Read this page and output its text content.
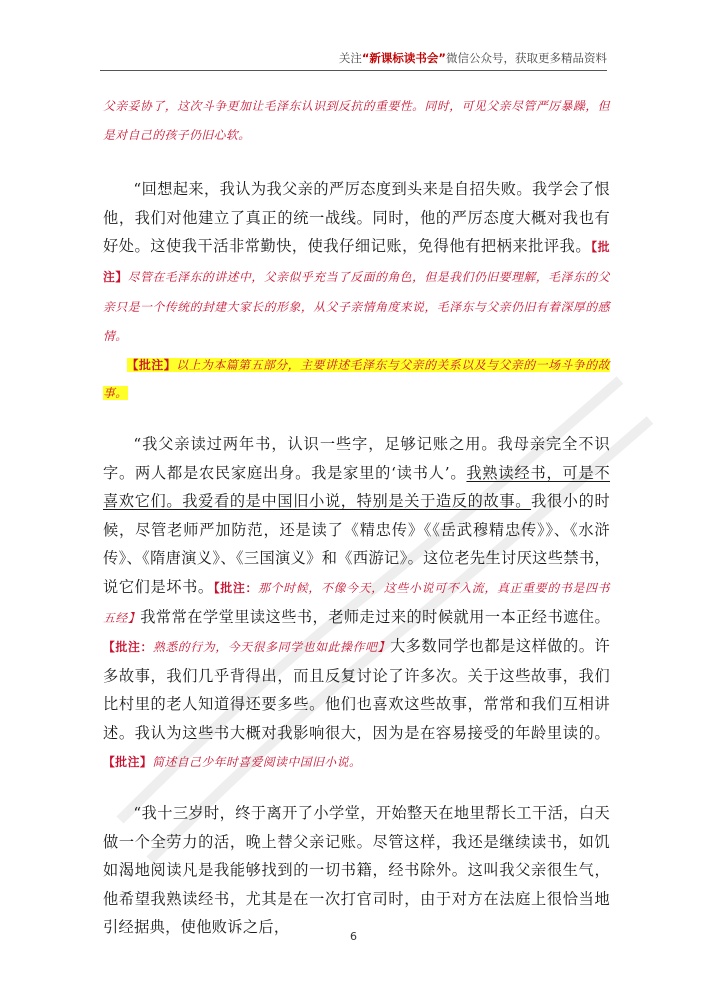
关注“新课标读书会”微信公众号，获取更多精品资料

父亲妥协了，这次斗争更加让毛泽东认识到反抗的重要性。同时，可见父亲尽管严厉暴躁，但是对自己的孩子仍旧心软。

“回想起来，我认为我父亲的严厉态度到头来是自招失败。我学会了恨他，我们对他建立了真正的统一战线。同时，他的严厉态度大概对我也有好处。这使我干活非常勤快，使我仔细记账，免得他有把柄来批评我。【批注】尽管在毛泽东的讲述中，父亲似乎充当了反面的角色，但是我们仍旧要理解，毛泽东的父亲只是一个传统的封建大家长的形象，从父子亲情角度来说，毛泽东与父亲仍旧有着深厚的感情。

【批注】以上为本篇第五部分，主要讲述毛泽东与父亲的关系以及与父亲的一场斗争的故事。

“我父亲读过两年书，认识一些字，足够记账之用。我母亲完全不识字。两人都是农民家庭出身。我是家里的‘读书人’。我熟读经书，可是不喜欢它们。我爱看的是中国旧小说，特别是关于造反的故事。我很小的时候，尽管老师严加防范，还是读了《精忠传》《《岳武穆精忠传》》、《水浒传》、《隋唐演义》、《三国演义》和《西游记》。这位老先生讨厌这些禁书，说它们是坏书。【批注：那个时候，不像今天，这些小说可不入流，真正重要的书是四书五经】我常常在学堂里读这些书，老师走过来的时候就用一本正经书遮住。【批注：熟悉的行为，今天很多同学也如此操作吧】大多数同学也都是这样做的。许多故事，我们几乎背得出，而且反复讨论了许多次。关于这些故事，我们比村里的老人知道得还要多些。他们也喜欢这些故事，常常和我们互相讲述。我认为这些书大概对我影响很大，因为是在容易接受的年龄里读的。【批注】简述自己少年时喜爱阅读中国旧小说。

“我十三岁时，终于离开了小学堂，开始整天在地里帮长工干活，白天做一个全劳力的活，晚上替父亲记账。尽管这样，我还是继续读书，如饥如渴地阅读凡是我能够找到的一切书籍，经书除外。这叫我父亲很生气，他希望我熟读经书，尤其是在一次打官司时，由于对方在法庭上很恰当地引经据典，使他败诉之后，

6
